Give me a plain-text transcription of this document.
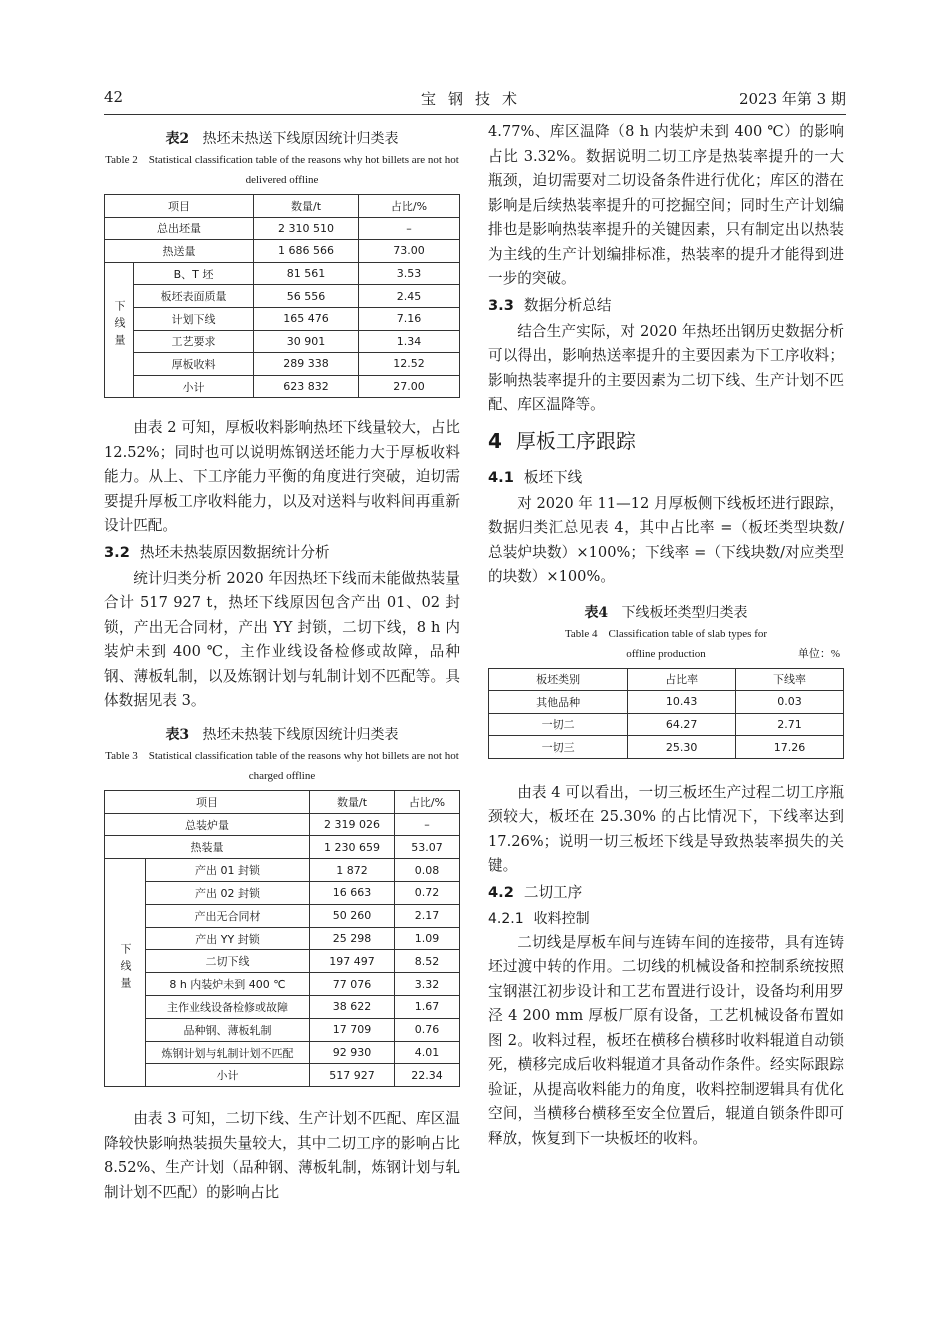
42	宝钢技术	2023 年第 3 期
表2 热坯未热送下线原因统计归类表
Table 2　Statistical classification table of the reasons why hot billets are not hot delivered offline
项目		数量/t	占比/%
总出坯量		2 310 510	–
热送量		1 686 566	73.00
下线量	B、T 坯	81 561	3.53
	板坯表面质量	56 556	2.45
	计划下线	165 476	7.16
	工艺要求	30 901	1.34
	厚板收料	289 338	12.52
	小计	623 832	27.00

由表 2 可知，厚板收料影响热坯下线量较大，占比 12.52%；同时也可以说明炼钢送坯能力大于厚板收料能力。从上、下工序能力平衡的角度进行突破，迫切需要提升厚板工序收料能力，以及对送料与收料间再重新设计匹配。

3.2 热坯未热装原因数据统计分析

统计归类分析 2020 年因热坯下线而未能做热装量合计 517 927 t，热坯下线原因包含产出 01、02 封锁，产出无合同材，产出 YY 封锁，二切下线，8 h 内装炉未到 400 ℃，主作业线设备检修或故障，品种钢、薄板轧制，以及炼钢计划与轧制计划不匹配等。具体数据见表 3。

表3 热坯未热装下线原因统计归类表
Table 3　Statistical classification table of the reasons why hot billets are not hot charged offline
项目		数量/t	占比/%
总装炉量		2 319 026	–
热装量		1 230 659	53.07
下线量	产出 01 封锁	1 872	0.08
	产出 02 封锁	16 663	0.72
	产出无合同材	50 260	2.17
	产出 YY 封锁	25 298	1.09
	二切下线	197 497	8.52
	8 h 内装炉未到 400 ℃	77 076	3.32
	主作业线设备检修或故障	38 622	1.67
	品种钢、薄板轧制	17 709	0.76
	炼钢计划与轧制计划不匹配	92 930	4.01
	小计	517 927	22.34

由表 3 可知，二切下线、生产计划不匹配、库区温降较快影响热装损失量较大，其中二切工序的影响占比 8.52%、生产计划（品种钢、薄板轧制，炼钢计划与轧制计划不匹配）的影响占比

4.77%、库区温降（8 h 内装炉未到 400 ℃）的影响占比 3.32%。数据说明二切工序是热装率提升的一大瓶颈，迫切需要对二切设备条件进行优化；库区的潜在影响是后续热装率提升的可挖掘空间；同时生产计划编排也是影响热装率提升的关键因素，只有制定出以热装为主线的生产计划编排标准，热装率的提升才能得到进一步的突破。

3.3 数据分析总结

结合生产实际，对 2020 年热坯出钢历史数据分析可以得出，影响热送率提升的主要因素为下工序收料；影响热装率提升的主要因素为二切下线、生产计划不匹配、库区温降等。

4 厚板工序跟踪
4.1 板坯下线

对 2020 年 11—12 月厚板侧下线板坯进行跟踪，数据归类汇总见表 4，其中占比率 =（板坯类型块数/总装炉块数）×100%；下线率 =（下线块数/对应类型的块数）×100%。

表4 下线板坯类型归类表
Table 4　Classification table of slab types for
offline production	单位：%
板坯类别	占比率	下线率
其他品种	10.43	0.03
一切二	64.27	2.71
一切三	25.30	17.26

由表 4 可以看出，一切三板坯生产过程二切工序瓶颈较大，板坯在 25.30% 的占比情况下，下线率达到 17.26%；说明一切三板坯下线是导致热装率损失的关键。

4.2 二切工序
4.2.1 收料控制

二切线是厚板车间与连铸车间的连接带，具有连铸坯过渡中转的作用。二切线的机械设备和控制系统按照宝钢湛江初步设计和工艺布置进行设计，设备均利用罗泾 4 200 mm 厚板厂原有设备，工艺机械设备布置如图 2。收料过程，板坯在横移台横移时收料辊道自动锁死，横移完成后收料辊道才具备动作条件。经实际跟踪验证，从提高收料能力的角度，收料控制逻辑具有优化空间，当横移台横移至安全位置后，辊道自锁条件即可释放，恢复到下一块板坯的收料。
